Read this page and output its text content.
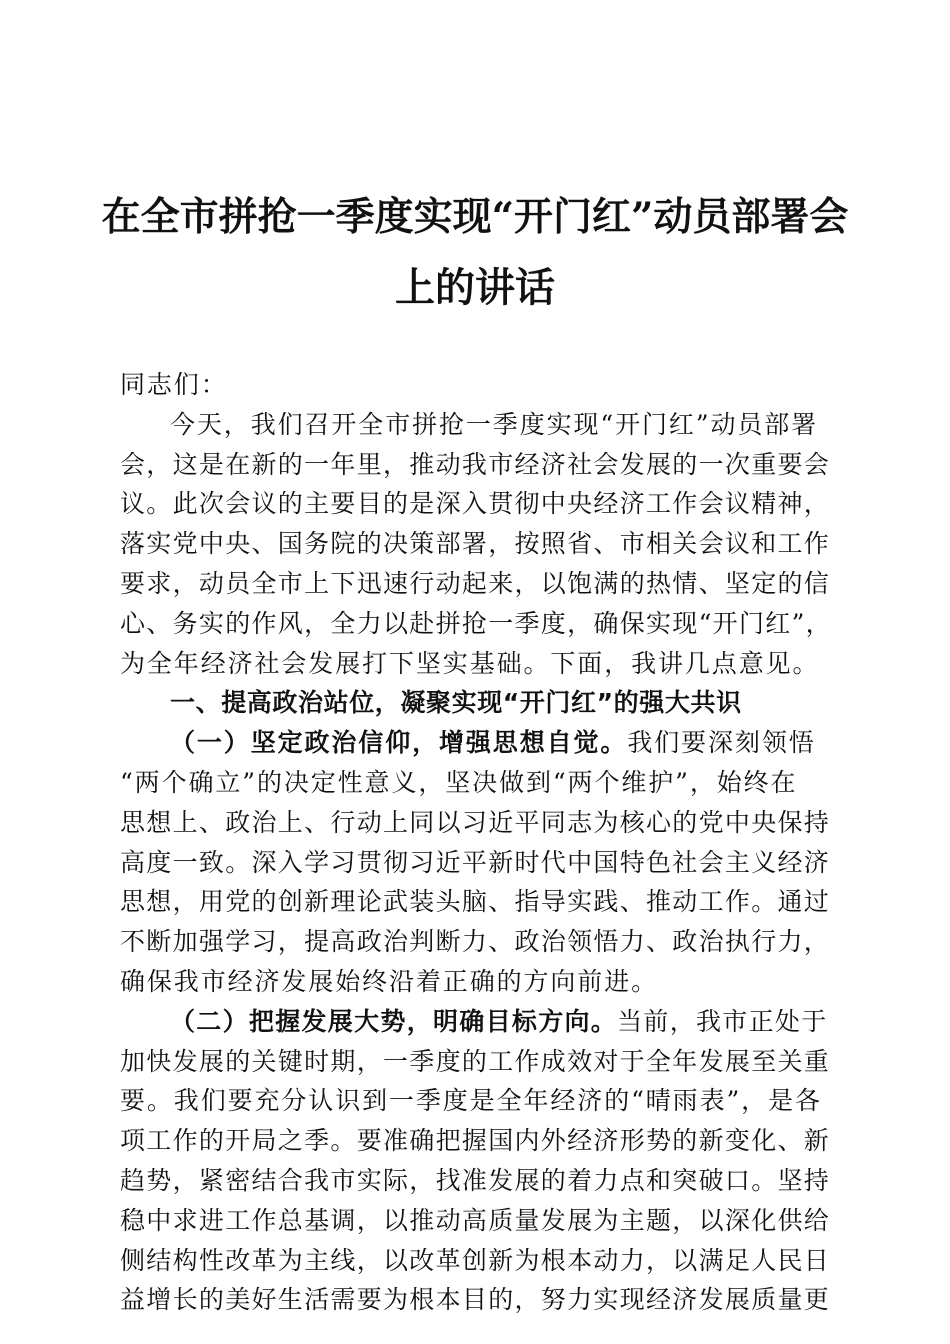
在全市拼抢一季度实现“开门红”动员部署会
上的讲话
同志们：
今天，我们召开全市拼抢一季度实现“开门红”动员部署
会，这是在新的一年里，推动我市经济社会发展的一次重要会
议。此次会议的主要目的是深入贯彻中央经济工作会议精神，
落实党中央、国务院的决策部署，按照省、市相关会议和工作
要求，动员全市上下迅速行动起来，以饱满的热情、坚定的信
心、务实的作风，全力以赴拼抢一季度，确保实现“开门红”，
为全年经济社会发展打下坚实基础。下面，我讲几点意见。
一、提高政治站位，凝聚实现“开门红”的强大共识
（一）坚定政治信仰，增强思想自觉。我们要深刻领悟
“两个确立”的决定性意义，坚决做到“两个维护”，始终在
思想上、政治上、行动上同以习近平同志为核心的党中央保持
高度一致。深入学习贯彻习近平新时代中国特色社会主义经济
思想，用党的创新理论武装头脑、指导实践、推动工作。通过
不断加强学习，提高政治判断力、政治领悟力、政治执行力，
确保我市经济发展始终沿着正确的方向前进。
（二）把握发展大势，明确目标方向。当前，我市正处于
加快发展的关键时期，一季度的工作成效对于全年发展至关重
要。我们要充分认识到一季度是全年经济的“晴雨表”，是各
项工作的开局之季。要准确把握国内外经济形势的新变化、新
趋势，紧密结合我市实际，找准发展的着力点和突破口。坚持
稳中求进工作总基调，以推动高质量发展为主题，以深化供给
侧结构性改革为主线，以改革创新为根本动力，以满足人民日
益增长的美好生活需要为根本目的，努力实现经济发展质量更
